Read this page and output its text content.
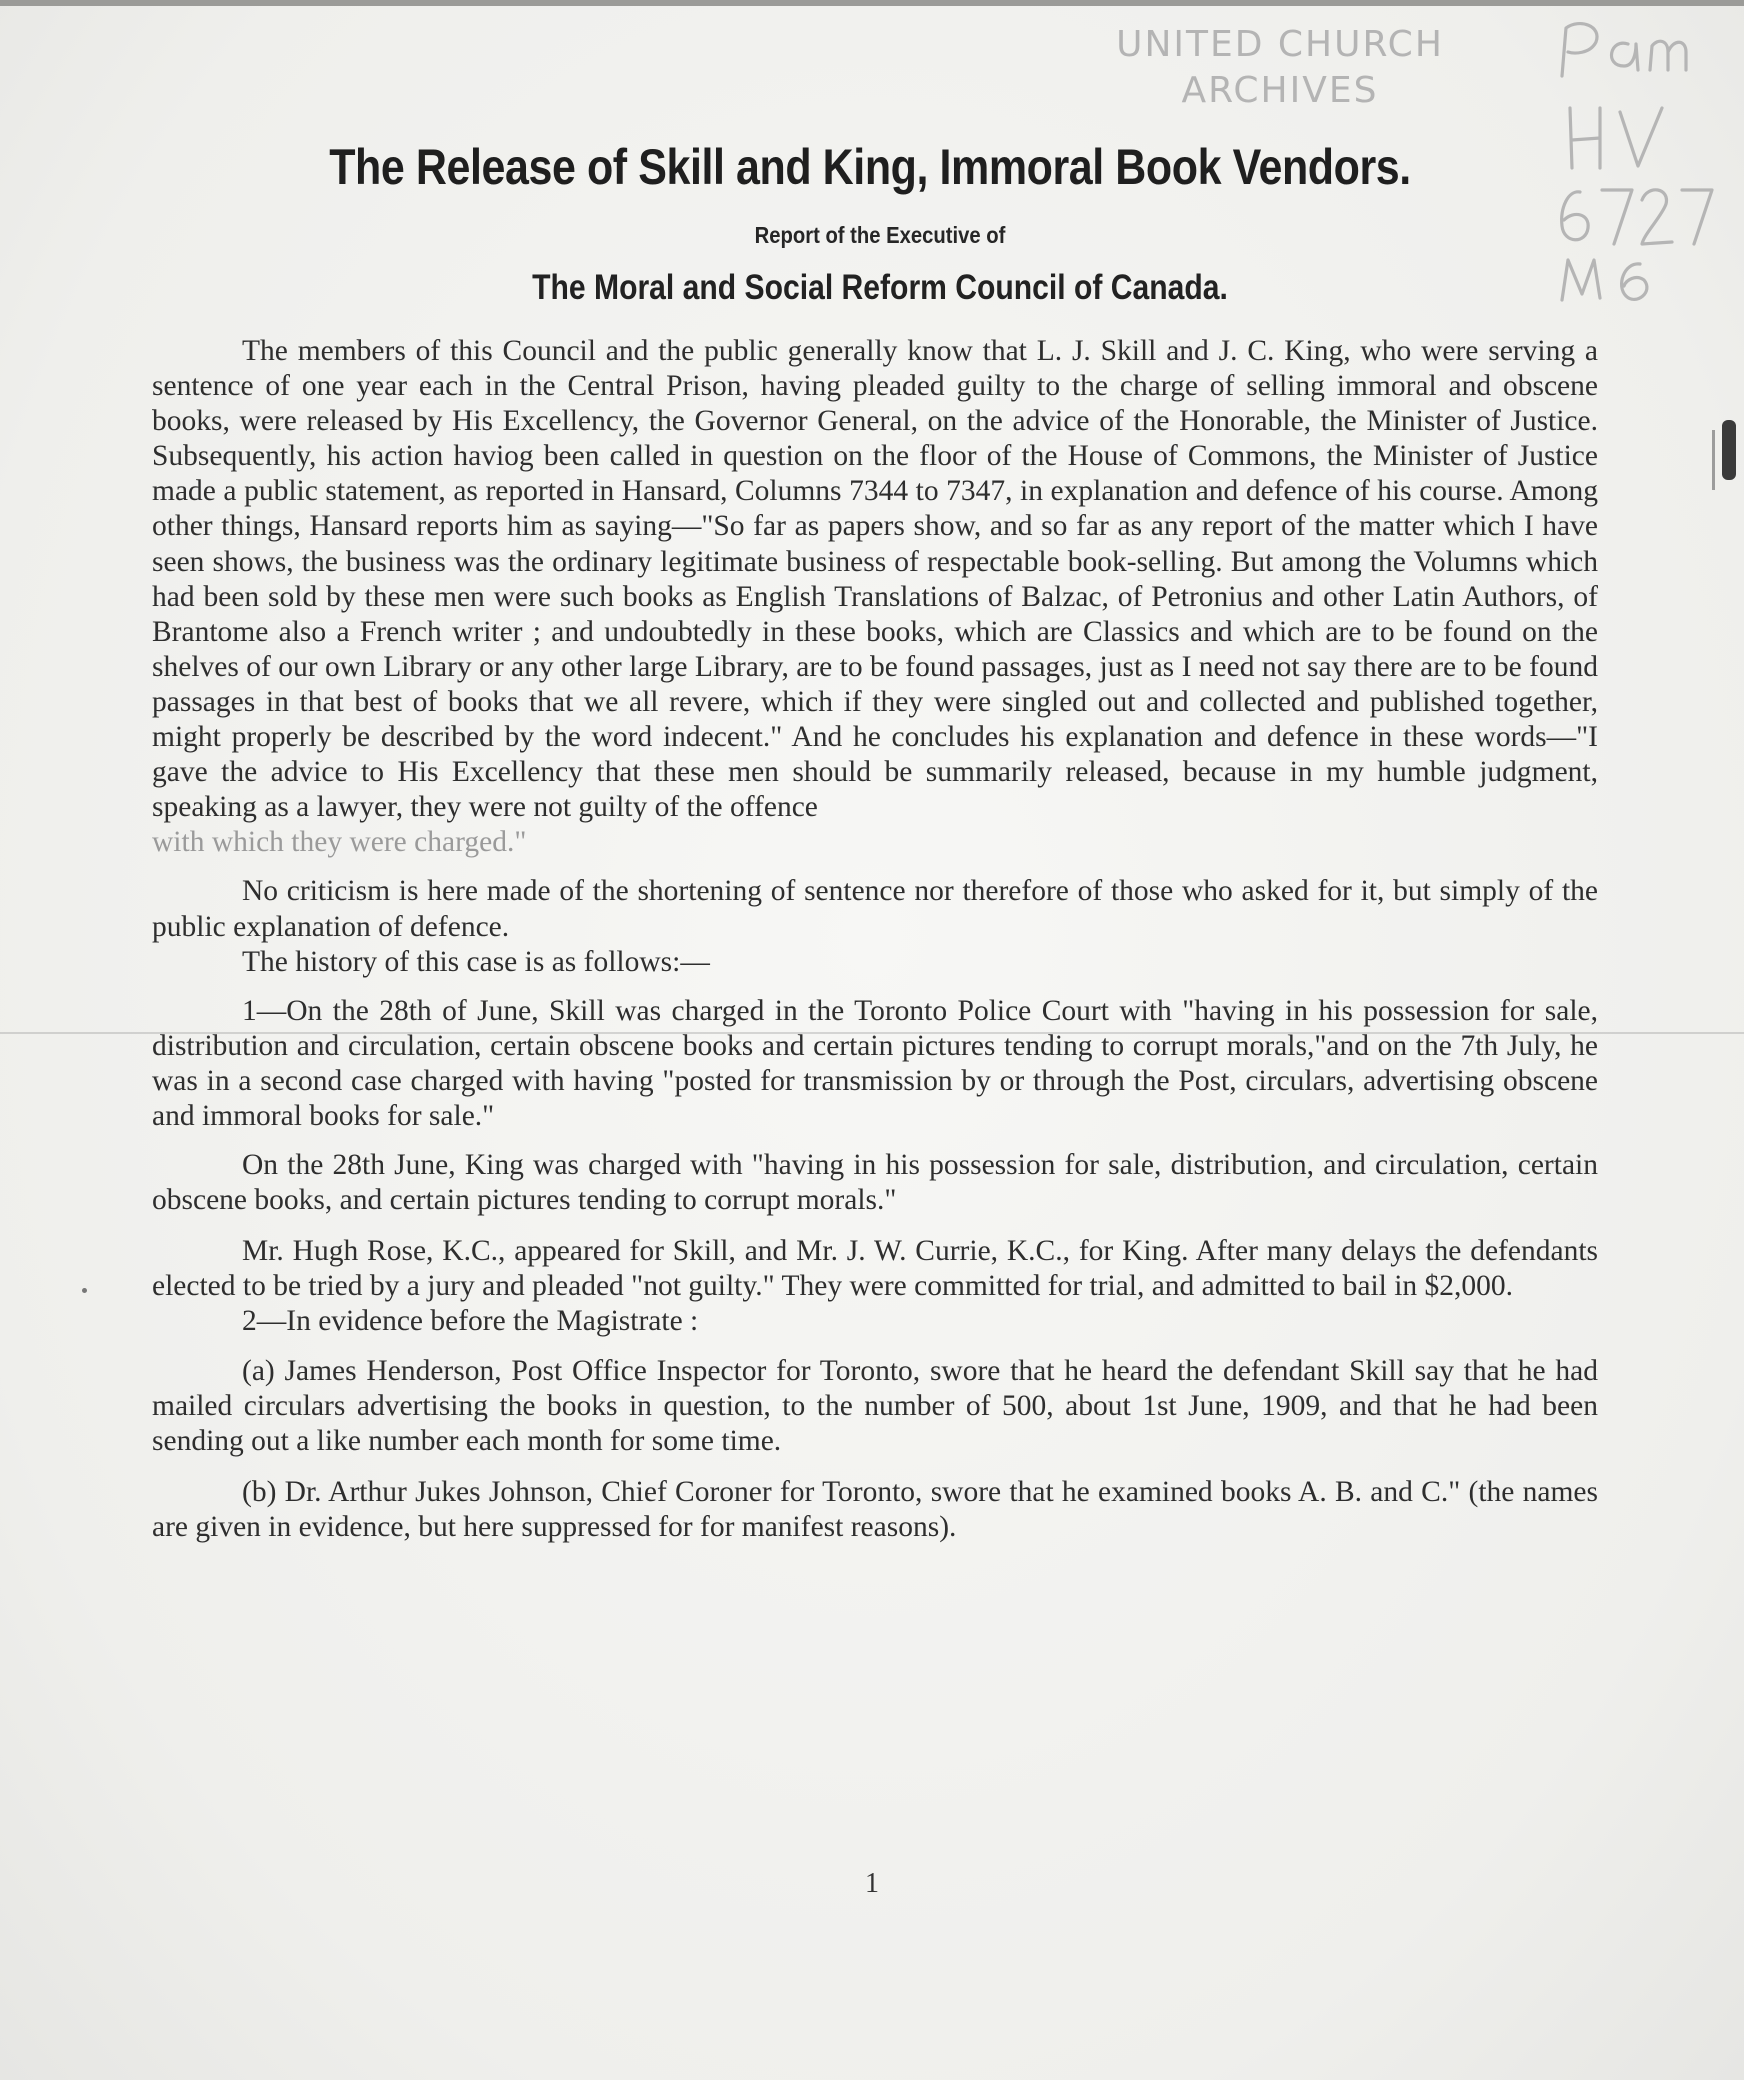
UNITED CHURCH
ARCHIVES
The Release of Skill and King, Immoral Book Vendors.
Report of the Executive of
The Moral and Social Reform Council of Canada.

The members of this Council and the public generally know that L. J. Skill and J. C. King, who were serving a sentence of one year each in the Central Prison, having pleaded guilty to the charge of selling immoral and obscene books, were released by His Excellency, the Governor General, on the advice of the Honorable, the Minister of Justice. Subsequently, his action haviog been called in question on the floor of the House of Commons, the Minister of Justice made a public statement, as reported in Hansard, Columns 7344 to 7347, in explanation and defence of his course. Among other things, Hansard reports him as saying—"So far as papers show, and so far as any report of the matter which I have seen shows, the business was the ordinary legitimate business of respectable book-selling. But among the Volumns which had been sold by these men were such books as English Translations of Balzac, of Petronius and other Latin Authors, of Brantome also a French writer ; and undoubtedly in these books, which are Classics and which are to be found on the shelves of our own Library or any other large Library, are to be found passages, just as I need not say there are to be found passages in that best of books that we all revere, which if they were singled out and collected and published together, might properly be described by the word indecent." And he concludes his explanation and defence in these words—"I gave the advice to His Excellency that these men should be summarily released, because in my humble judgment, speaking as a lawyer, they were not guilty of the offence

with which they were charged."

No criticism is here made of the shortening of sentence nor therefore of those who asked for it, but simply of the public explanation of defence.

The history of this case is as follows:—

1—On the 28th of June, Skill was charged in the Toronto Police Court with "having in his possession for sale, distribution and circulation, certain obscene books and certain pictures tending to corrupt morals,"and on the 7th July, he was in a second case charged with having "posted for transmission by or through the Post, circulars, advertising obscene and immoral books for sale."

On the 28th June, King was charged with "having in his possession for sale, distribution, and circulation, certain obscene books, and certain pictures tending to corrupt morals."

Mr. Hugh Rose, K.C., appeared for Skill, and Mr. J. W. Currie, K.C., for King. After many delays the defendants elected to be tried by a jury and pleaded "not guilty." They were committed for trial, and admitted to bail in $2,000.

2—In evidence before the Magistrate :

(a) James Henderson, Post Office Inspector for Toronto, swore that he heard the defendant Skill say that he had mailed circulars advertising the books in question, to the number of 500, about 1st June, 1909, and that he had been sending out a like number each month for some time.

(b) Dr. Arthur Jukes Johnson, Chief Coroner for Toronto, swore that he examined books A. B. and C." (the names are given in evidence, but here suppressed for for manifest reasons).

1
